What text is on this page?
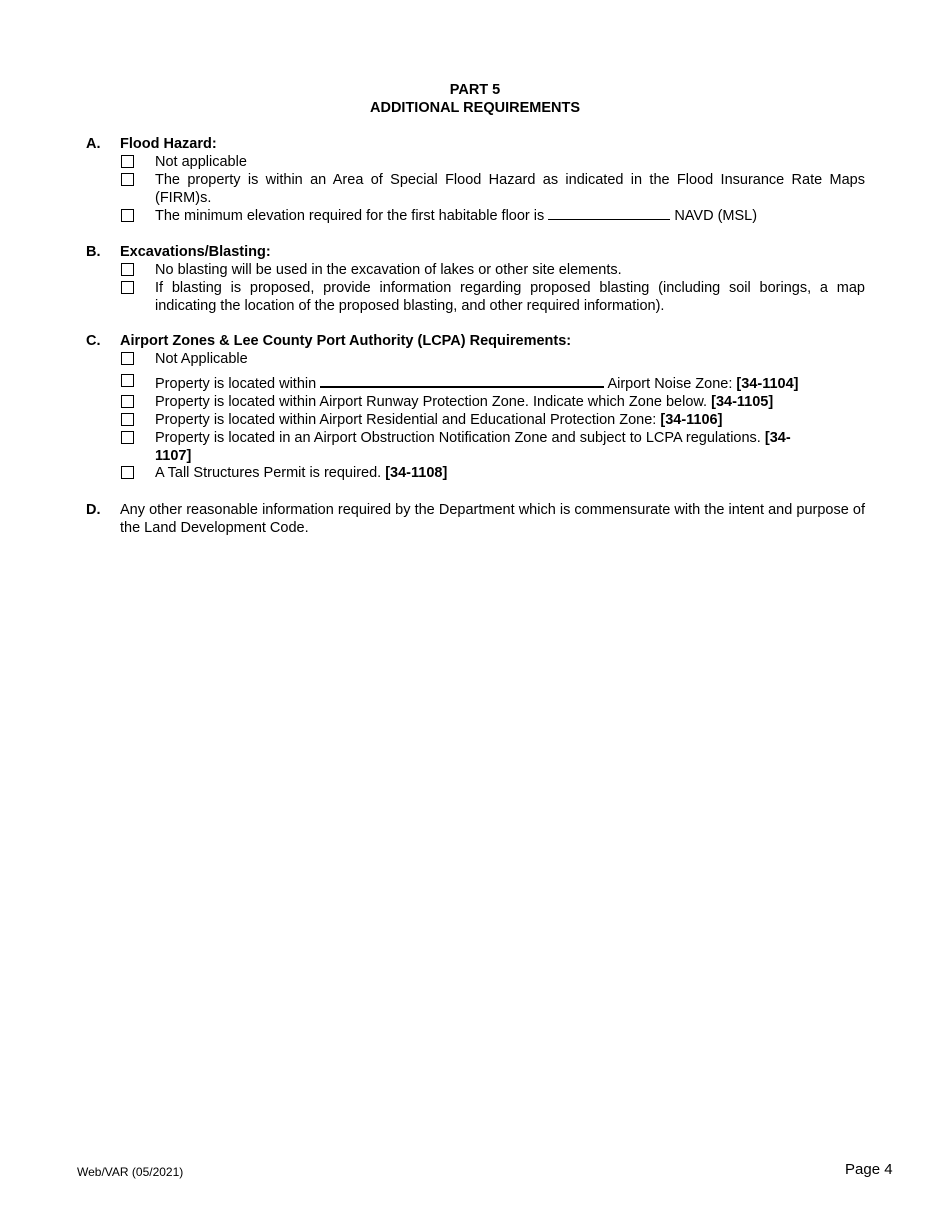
PART 5
ADDITIONAL REQUIREMENTS
A. Flood Hazard:
Not applicable
The property is within an Area of Special Flood Hazard as indicated in the Flood Insurance Rate Maps (FIRM)s.
The minimum elevation required for the first habitable floor is	NAVD (MSL)
B. Excavations/Blasting:
No blasting will be used in the excavation of lakes or other site elements.
If blasting is proposed, provide information regarding proposed blasting (including soil borings, a map indicating the location of the proposed blasting, and other required information).
C. Airport Zones & Lee County Port Authority (LCPA) Requirements:
Not Applicable
Property is located within	Airport Noise Zone: [34-1104]
Property is located within Airport Runway Protection Zone. Indicate which Zone below. [34-1105]
Property is located within Airport Residential and Educational Protection Zone: [34-1106]
Property is located in an Airport Obstruction Notification Zone and subject to LCPA regulations. [34-
1107]
A Tall Structures Permit is required. [34-1108]
D. Any other reasonable information required by the Department which is commensurate with the intent and purpose of the Land Development Code.
Web/VAR (05/2021)	Page 4
